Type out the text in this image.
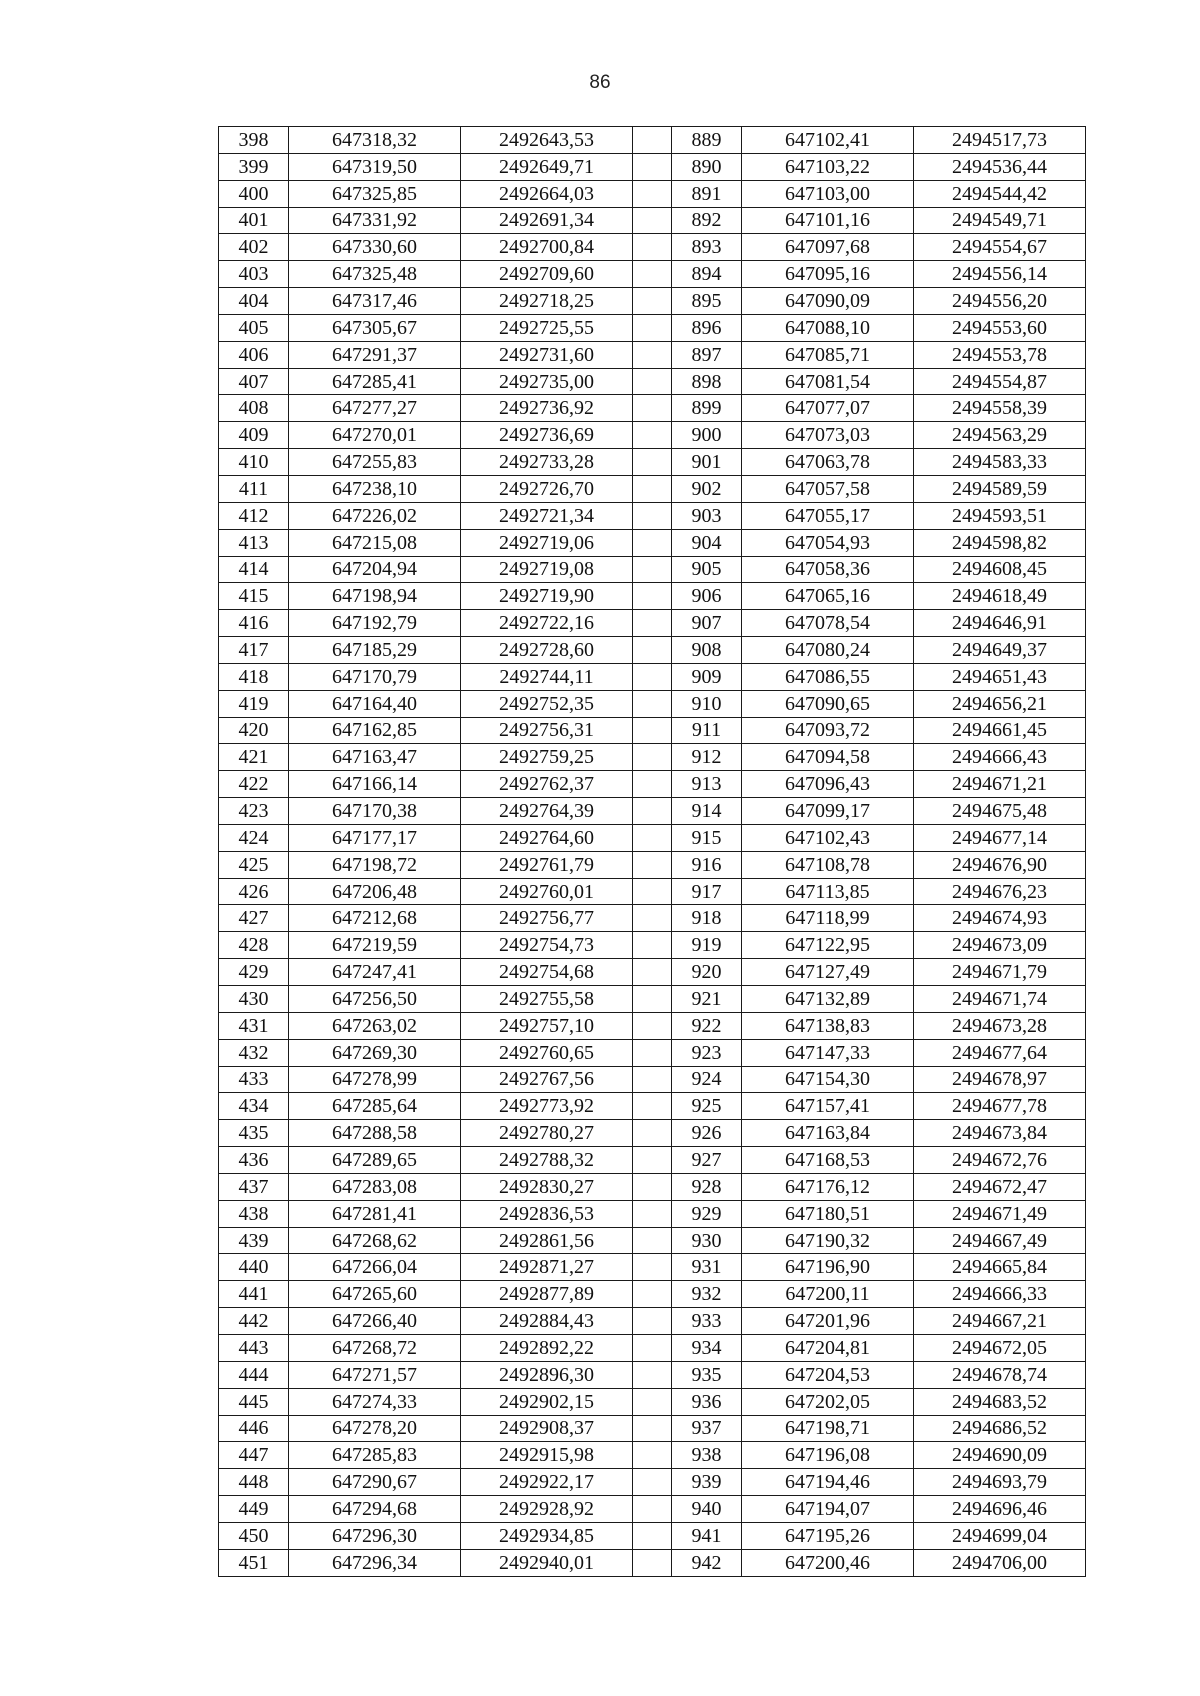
86
398	647318,32	2492643,53		889	647102,41	2494517,73
399	647319,50	2492649,71		890	647103,22	2494536,44
400	647325,85	2492664,03		891	647103,00	2494544,42
401	647331,92	2492691,34		892	647101,16	2494549,71
402	647330,60	2492700,84		893	647097,68	2494554,67
403	647325,48	2492709,60		894	647095,16	2494556,14
404	647317,46	2492718,25		895	647090,09	2494556,20
405	647305,67	2492725,55		896	647088,10	2494553,60
406	647291,37	2492731,60		897	647085,71	2494553,78
407	647285,41	2492735,00		898	647081,54	2494554,87
408	647277,27	2492736,92		899	647077,07	2494558,39
409	647270,01	2492736,69		900	647073,03	2494563,29
410	647255,83	2492733,28		901	647063,78	2494583,33
411	647238,10	2492726,70		902	647057,58	2494589,59
412	647226,02	2492721,34		903	647055,17	2494593,51
413	647215,08	2492719,06		904	647054,93	2494598,82
414	647204,94	2492719,08		905	647058,36	2494608,45
415	647198,94	2492719,90		906	647065,16	2494618,49
416	647192,79	2492722,16		907	647078,54	2494646,91
417	647185,29	2492728,60		908	647080,24	2494649,37
418	647170,79	2492744,11		909	647086,55	2494651,43
419	647164,40	2492752,35		910	647090,65	2494656,21
420	647162,85	2492756,31		911	647093,72	2494661,45
421	647163,47	2492759,25		912	647094,58	2494666,43
422	647166,14	2492762,37		913	647096,43	2494671,21
423	647170,38	2492764,39		914	647099,17	2494675,48
424	647177,17	2492764,60		915	647102,43	2494677,14
425	647198,72	2492761,79		916	647108,78	2494676,90
426	647206,48	2492760,01		917	647113,85	2494676,23
427	647212,68	2492756,77		918	647118,99	2494674,93
428	647219,59	2492754,73		919	647122,95	2494673,09
429	647247,41	2492754,68		920	647127,49	2494671,79
430	647256,50	2492755,58		921	647132,89	2494671,74
431	647263,02	2492757,10		922	647138,83	2494673,28
432	647269,30	2492760,65		923	647147,33	2494677,64
433	647278,99	2492767,56		924	647154,30	2494678,97
434	647285,64	2492773,92		925	647157,41	2494677,78
435	647288,58	2492780,27		926	647163,84	2494673,84
436	647289,65	2492788,32		927	647168,53	2494672,76
437	647283,08	2492830,27		928	647176,12	2494672,47
438	647281,41	2492836,53		929	647180,51	2494671,49
439	647268,62	2492861,56		930	647190,32	2494667,49
440	647266,04	2492871,27		931	647196,90	2494665,84
441	647265,60	2492877,89		932	647200,11	2494666,33
442	647266,40	2492884,43		933	647201,96	2494667,21
443	647268,72	2492892,22		934	647204,81	2494672,05
444	647271,57	2492896,30		935	647204,53	2494678,74
445	647274,33	2492902,15		936	647202,05	2494683,52
446	647278,20	2492908,37		937	647198,71	2494686,52
447	647285,83	2492915,98		938	647196,08	2494690,09
448	647290,67	2492922,17		939	647194,46	2494693,79
449	647294,68	2492928,92		940	647194,07	2494696,46
450	647296,30	2492934,85		941	647195,26	2494699,04
451	647296,34	2492940,01		942	647200,46	2494706,00
